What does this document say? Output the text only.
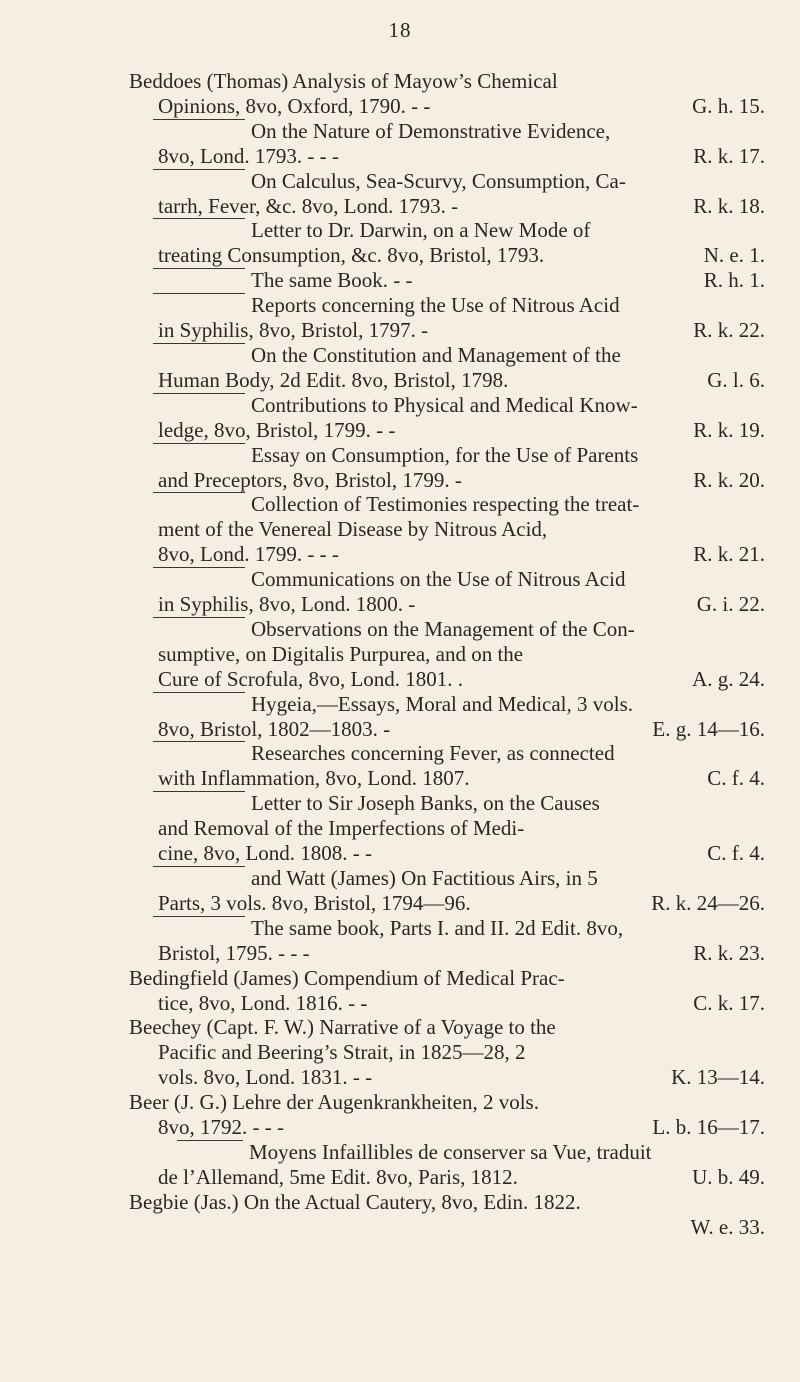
18
Beddoes (Thomas) Analysis of Mayow’s Chemical
Opinions, 8vo, Oxford, 1790. - -	G. h. 15.
On the Nature of Demonstrative Evidence,
8vo, Lond. 1793. - - -	R. k. 17.
On Calculus, Sea-Scurvy, Consumption, Ca-
tarrh, Fever, &c. 8vo, Lond. 1793. -	R. k. 18.
Letter to Dr. Darwin, on a New Mode of
treating Consumption, &c. 8vo, Bristol, 1793.	N. e. 1.
The same Book. - -	R. h. 1.
Reports concerning the Use of Nitrous Acid
in Syphilis, 8vo, Bristol, 1797. -	R. k. 22.
On the Constitution and Management of the
Human Body, 2d Edit. 8vo, Bristol, 1798.	G. l. 6.
Contributions to Physical and Medical Know-
ledge, 8vo, Bristol, 1799. - -	R. k. 19.
Essay on Consumption, for the Use of Parents
and Preceptors, 8vo, Bristol, 1799. -	R. k. 20.
Collection of Testimonies respecting the treat-
ment of the Venereal Disease by Nitrous Acid,
8vo, Lond. 1799. - - -	R. k. 21.
Communications on the Use of Nitrous Acid
in Syphilis, 8vo, Lond. 1800. -	G. i. 22.
Observations on the Management of the Con-
sumptive, on Digitalis Purpurea, and on the
Cure of Scrofula, 8vo, Lond. 1801. .	A. g. 24.
Hygeia,—Essays, Moral and Medical, 3 vols.
8vo, Bristol, 1802—1803. -	E. g. 14—16.
Researches concerning Fever, as connected
with Inflammation, 8vo, Lond. 1807.	C. f. 4.
Letter to Sir Joseph Banks, on the Causes
and Removal of the Imperfections of Medi-
cine, 8vo, Lond. 1808. - -	C. f. 4.
and Watt (James) On Factitious Airs, in 5
Parts, 3 vols. 8vo, Bristol, 1794—96.	R. k. 24—26.
The same book, Parts I. and II. 2d Edit. 8vo,
Bristol, 1795. - - -	R. k. 23.
Bedingfield (James) Compendium of Medical Prac-
tice, 8vo, Lond. 1816. - -	C. k. 17.
Beechey (Capt. F. W.) Narrative of a Voyage to the
Pacific and Beering’s Strait, in 1825—28, 2
vols. 8vo, Lond. 1831. - -	K. 13—14.
Beer (J. G.) Lehre der Augenkrankheiten, 2 vols.
8vo, 1792. - - -	L. b. 16—17.
Moyens Infaillibles de conserver sa Vue, traduit
de l’Allemand, 5me Edit. 8vo, Paris, 1812.	U. b. 49.
Begbie (Jas.) On the Actual Cautery, 8vo, Edin. 1822.
W. e. 33.
